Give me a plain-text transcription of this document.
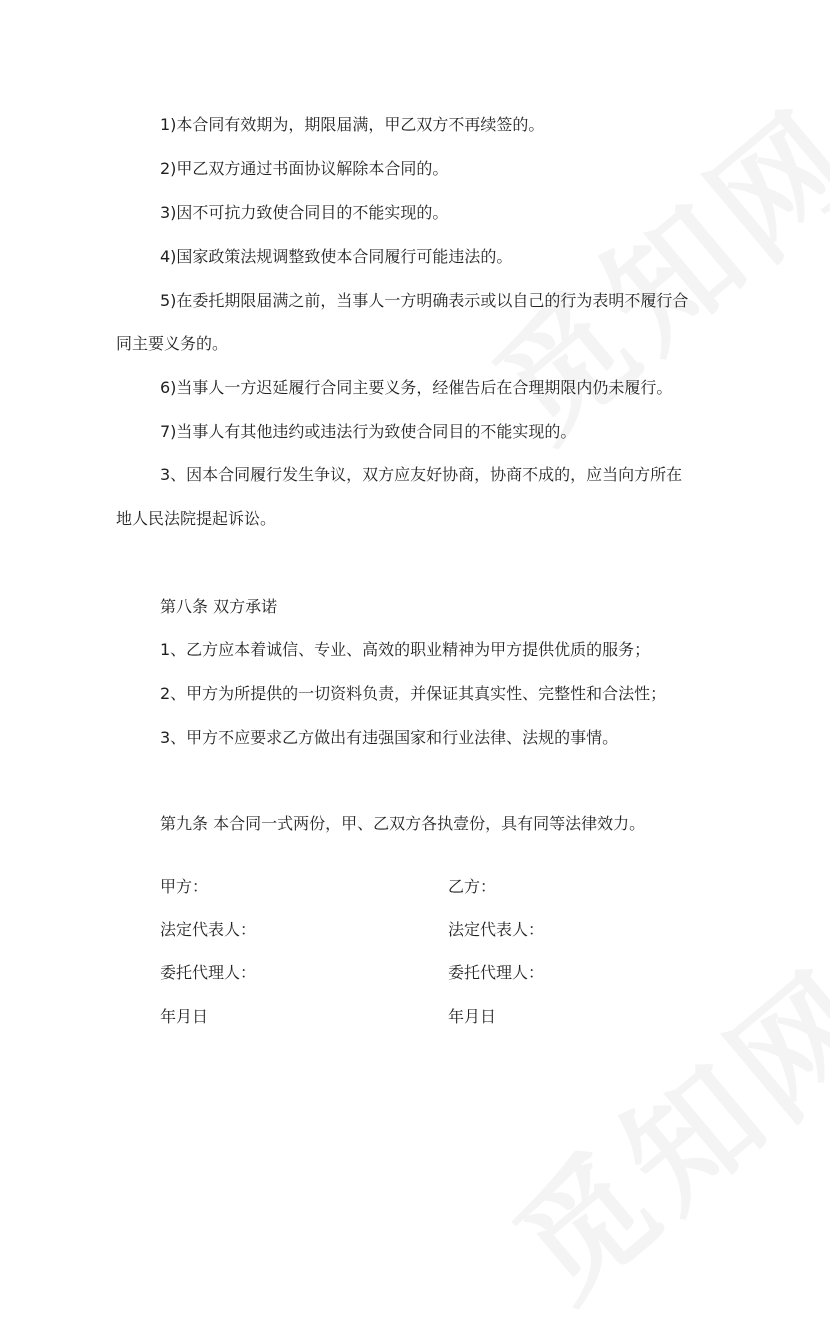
1)本合同有效期为，期限届满，甲乙双方不再续签的。
2)甲乙双方通过书面协议解除本合同的。
3)因不可抗力致使合同目的不能实现的。
4)国家政策法规调整致使本合同履行可能违法的。
5)在委托期限届满之前，当事人一方明确表示或以自己的行为表明不履行合
同主要义务的。
6)当事人一方迟延履行合同主要义务，经催告后在合理期限内仍未履行。
7)当事人有其他违约或违法行为致使合同目的不能实现的。
3、因本合同履行发生争议，双方应友好协商，协商不成的，应当向方所在
地人民法院提起诉讼。
第八条 双方承诺
1、乙方应本着诚信、专业、高效的职业精神为甲方提供优质的服务；
2、甲方为所提供的一切资料负责，并保证其真实性、完整性和合法性；
3、甲方不应要求乙方做出有违强国家和行业法律、法规的事情。
第九条 本合同一式两份，甲、乙双方各执壹份，具有同等法律效力。
甲方：	乙方：
法定代表人：	法定代表人：
委托代理人：	委托代理人：
年月日	年月日
